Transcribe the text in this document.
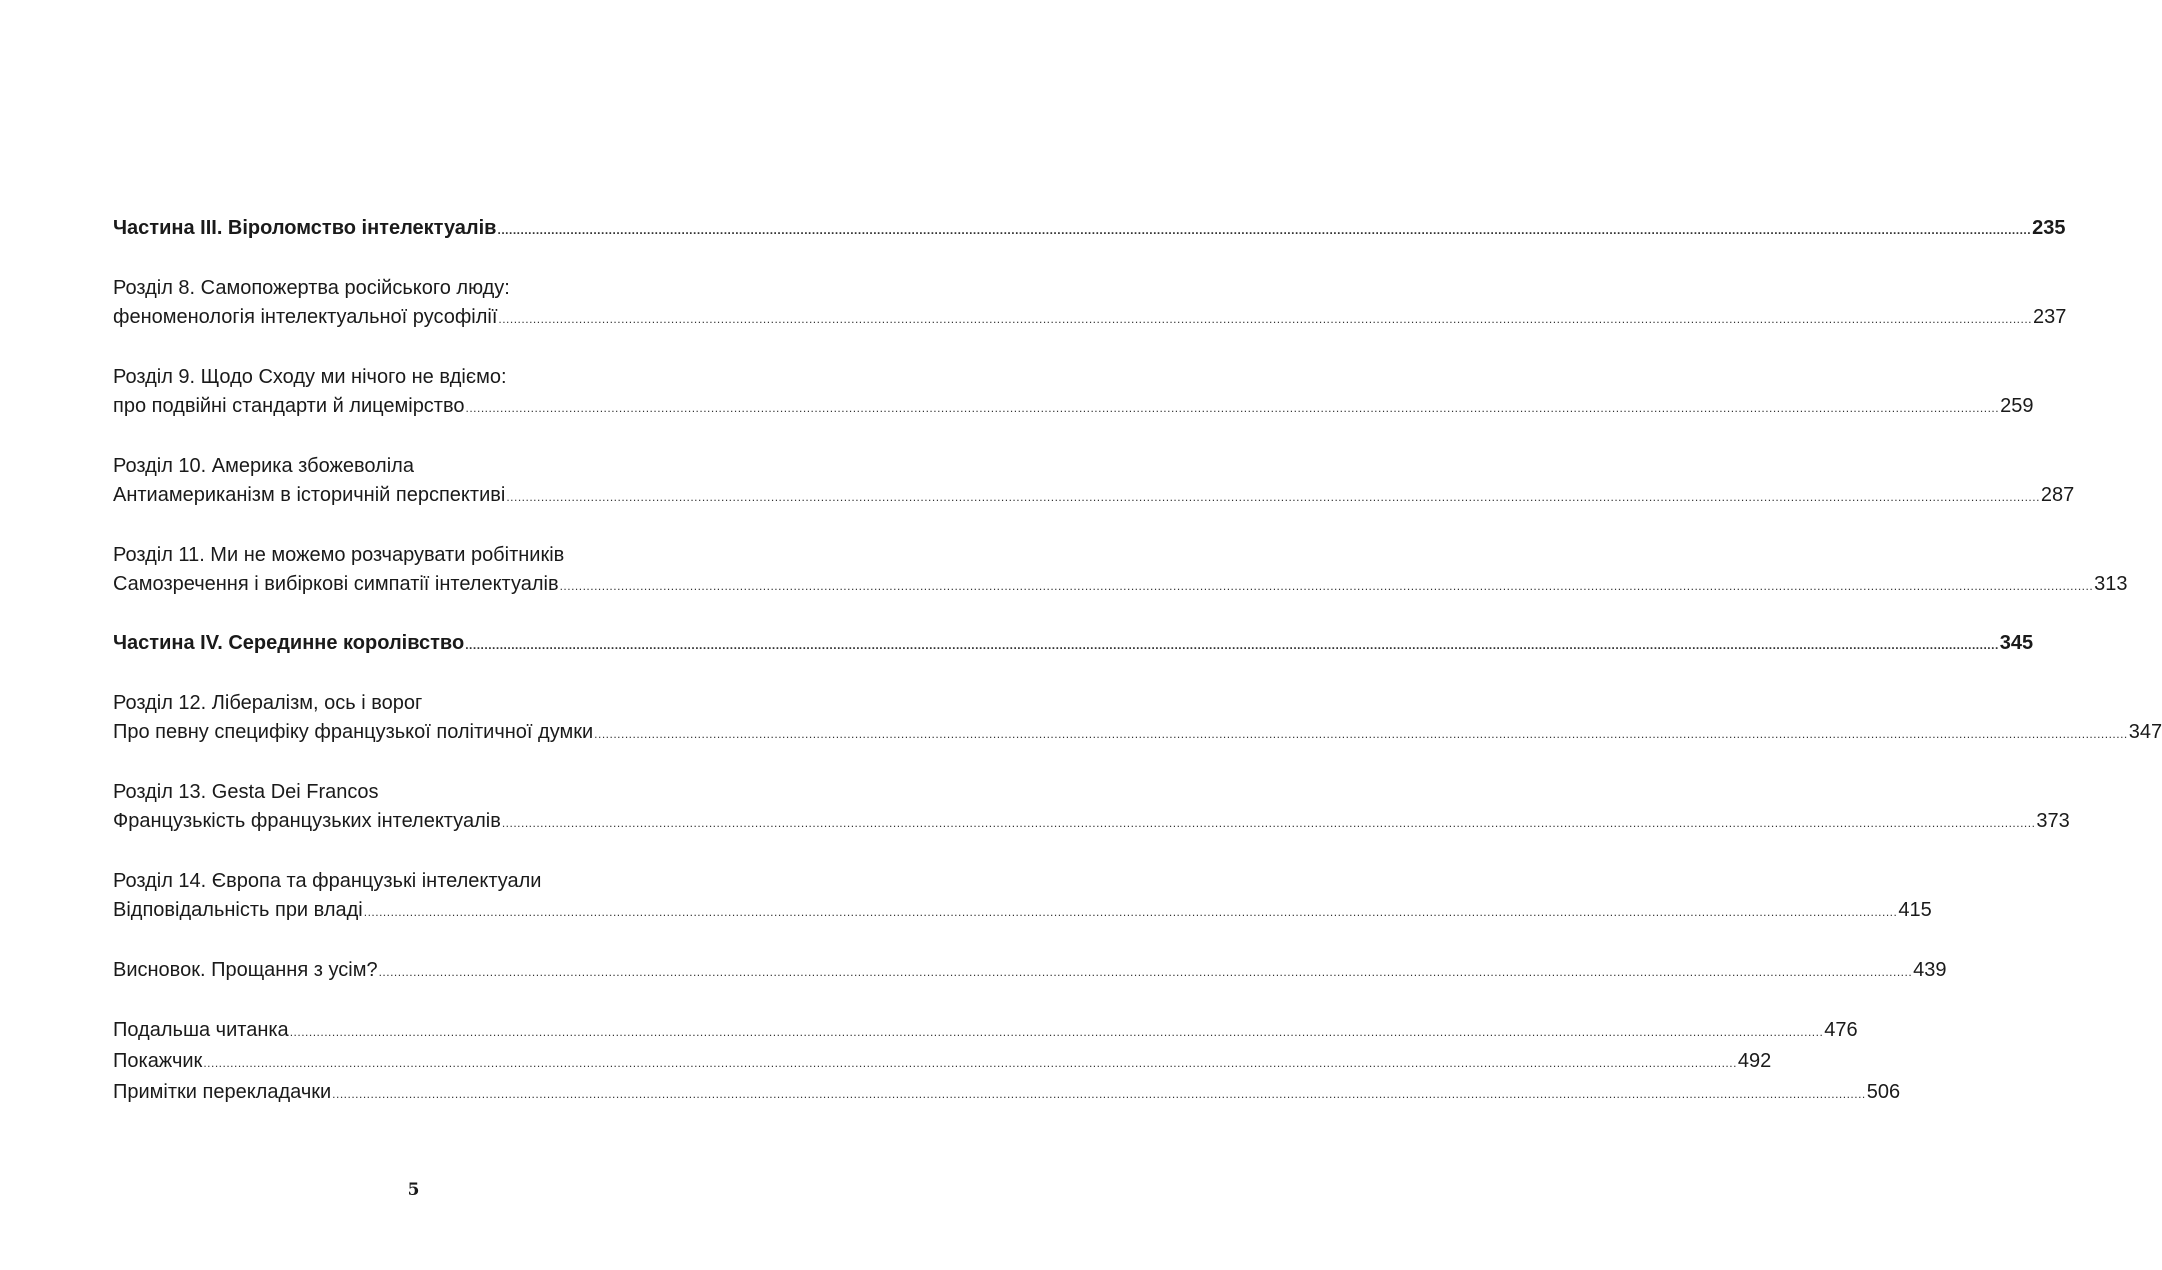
Частина III. Віроломство інтелектуалів ................................................................................................................................................................................................................................................................................................................................................................................................................ 235
Розділ 8. Самопожертва російського люду:
феноменологія інтелектуальної русофілії ................................................................................................................................................................................................................................................................................................................................................................................................................ 237
Розділ 9. Щодо Сходу ми нічого не вдіємо:
про подвійні стандарти й лицемірство ................................................................................................................................................................................................................................................................................................................................................................................................................ 259
Розділ 10. Америка збожеволіла
Антиамериканізм в історичній перспективі ................................................................................................................................................................................................................................................................................................................................................................................................................ 287
Розділ 11. Ми не можемо розчарувати робітників
Самозречення і вибіркові симпатії інтелектуалів ................................................................................................................................................................................................................................................................................................................................................................................................................ 313
Частина IV. Серединне королівство ................................................................................................................................................................................................................................................................................................................................................................................................................ 345
Розділ 12. Лібералізм, ось і ворог
Про певну специфіку французької політичної думки ................................................................................................................................................................................................................................................................................................................................................................................................................ 347
Розділ 13. Gesta Dei Francos
Французькість французьких інтелектуалів ................................................................................................................................................................................................................................................................................................................................................................................................................ 373
Розділ 14. Європа та французькі інтелектуали
Відповідальність при владі ................................................................................................................................................................................................................................................................................................................................................................................................................ 415
Висновок. Прощання з усім? ................................................................................................................................................................................................................................................................................................................................................................................................................ 439
Подальша читанка ................................................................................................................................................................................................................................................................................................................................................................................................................ 476
Покажчик ................................................................................................................................................................................................................................................................................................................................................................................................................ 492
Примітки перекладачки ................................................................................................................................................................................................................................................................................................................................................................................................................ 506
5
